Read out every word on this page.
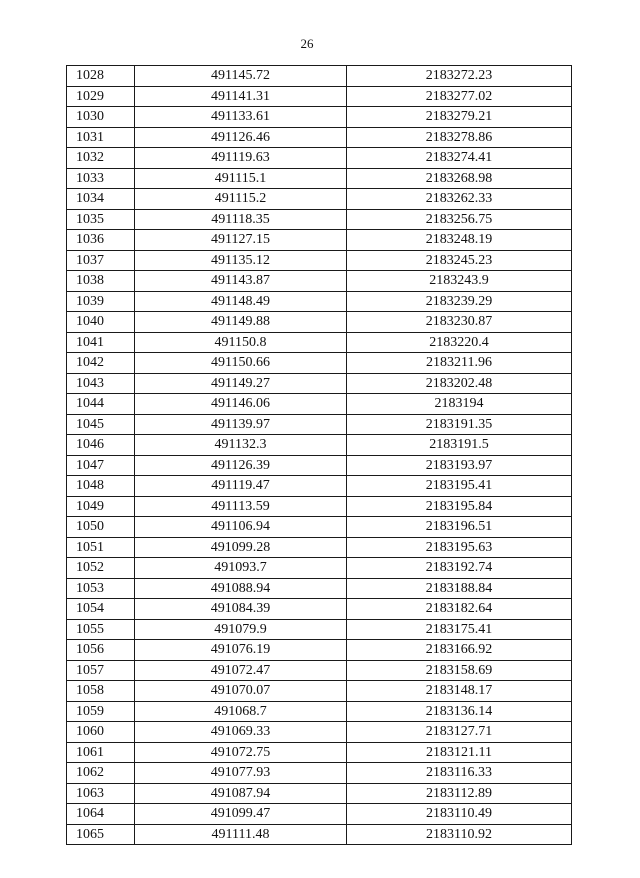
26
1028	491145.72	2183272.23
1029	491141.31	2183277.02
1030	491133.61	2183279.21
1031	491126.46	2183278.86
1032	491119.63	2183274.41
1033	491115.1	2183268.98
1034	491115.2	2183262.33
1035	491118.35	2183256.75
1036	491127.15	2183248.19
1037	491135.12	2183245.23
1038	491143.87	2183243.9
1039	491148.49	2183239.29
1040	491149.88	2183230.87
1041	491150.8	2183220.4
1042	491150.66	2183211.96
1043	491149.27	2183202.48
1044	491146.06	2183194
1045	491139.97	2183191.35
1046	491132.3	2183191.5
1047	491126.39	2183193.97
1048	491119.47	2183195.41
1049	491113.59	2183195.84
1050	491106.94	2183196.51
1051	491099.28	2183195.63
1052	491093.7	2183192.74
1053	491088.94	2183188.84
1054	491084.39	2183182.64
1055	491079.9	2183175.41
1056	491076.19	2183166.92
1057	491072.47	2183158.69
1058	491070.07	2183148.17
1059	491068.7	2183136.14
1060	491069.33	2183127.71
1061	491072.75	2183121.11
1062	491077.93	2183116.33
1063	491087.94	2183112.89
1064	491099.47	2183110.49
1065	491111.48	2183110.92
